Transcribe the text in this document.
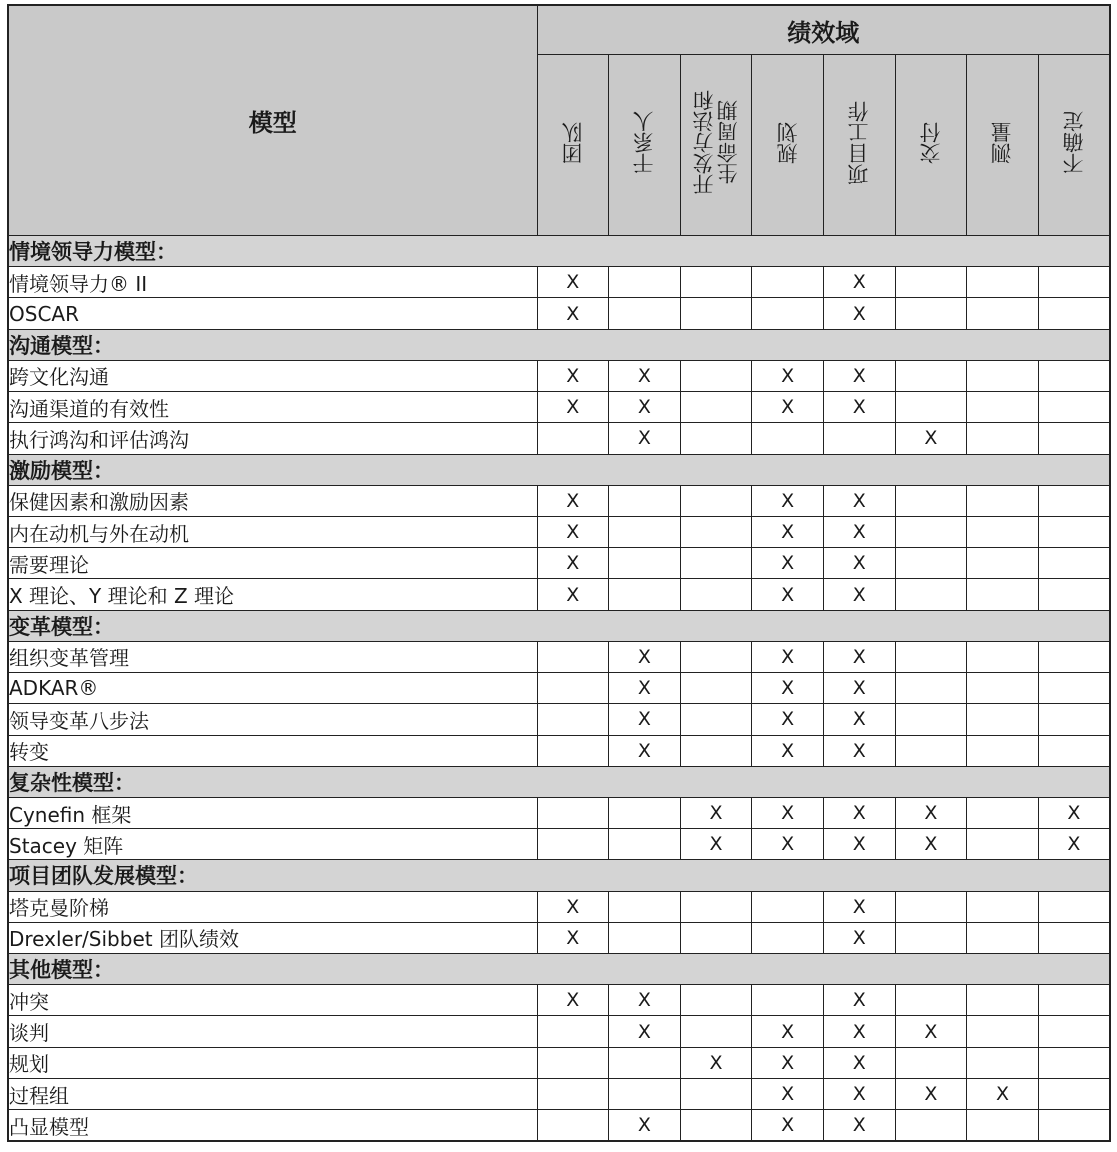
模型	绩效域							
	团队	干系人	开发方法和
生命周期	规划	项目工作	交付	测量	不确定
情境领导力模型：								
情境领导力® II	X				X			
OSCAR	X				X			
沟通模型：								
跨文化沟通	X	X		X	X			
沟通渠道的有效性	X	X		X	X			
执行鸿沟和评估鸿沟		X				X		
激励模型：								
保健因素和激励因素	X			X	X			
内在动机与外在动机	X			X	X			
需要理论	X			X	X			
X 理论、Y 理论和 Z 理论	X			X	X			
变革模型：								
组织变革管理		X		X	X			
ADKAR®		X		X	X			
领导变革八步法		X		X	X			
转变		X		X	X			
复杂性模型：								
Cynefin 框架			X	X	X	X		X
Stacey 矩阵			X	X	X	X		X
项目团队发展模型：								
塔克曼阶梯	X				X			
Drexler/Sibbet 团队绩效	X				X			
其他模型：								
冲突	X	X			X			
谈判		X		X	X	X		
规划			X	X	X			
过程组				X	X	X	X	
凸显模型		X		X	X			
